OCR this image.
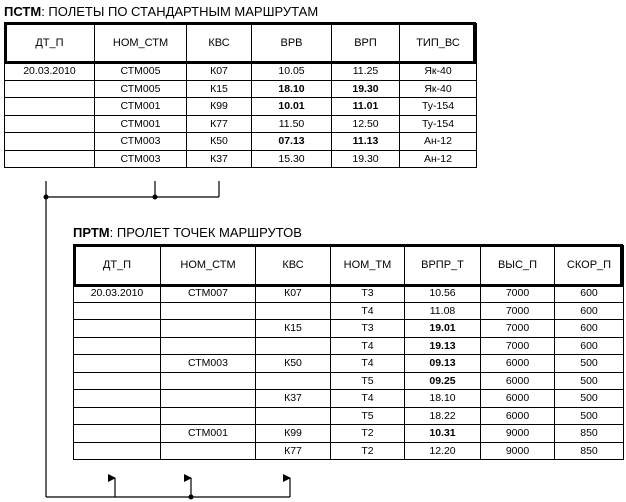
ПСТМ: ПОЛЕТЫ ПО СТАНДАРТНЫМ МАРШРУТАМ
ДТ_П	НОМ_СТМ	КВС	ВРВ	ВРП	ТИП_ВС
20.03.2010	СТМ005	К07	10.05	11.25	Як-40
	СТМ005	К15	18.10	19.30	Як-40
	СТМ001	К99	10.01	11.01	Ту-154
	СТМ001	К77	11.50	12.50	Ту-154
	СТМ003	К50	07.13	11.13	Ан-12
	СТМ003	К37	15.30	19.30	Ан-12
ПРТМ: ПРОЛЕТ ТОЧЕК МАРШРУТОВ
ДТ_П	НОМ_СТМ	КВС	НОМ_ТМ	ВРПР_Т	ВЫС_П	СКОР_П
20.03.2010	СТМ007	К07	Т3	10.56	7000	600
			Т4	11.08	7000	600
		К15	Т3	19.01	7000	600
			Т4	19.13	7000	600
	СТМ003	К50	Т4	09.13	6000	500
			Т5	09.25	6000	500
		К37	Т4	18.10	6000	500
			Т5	18.22	6000	500
	СТМ001	К99	Т2	10.31	9000	850
		К77	Т2	12.20	9000	850
